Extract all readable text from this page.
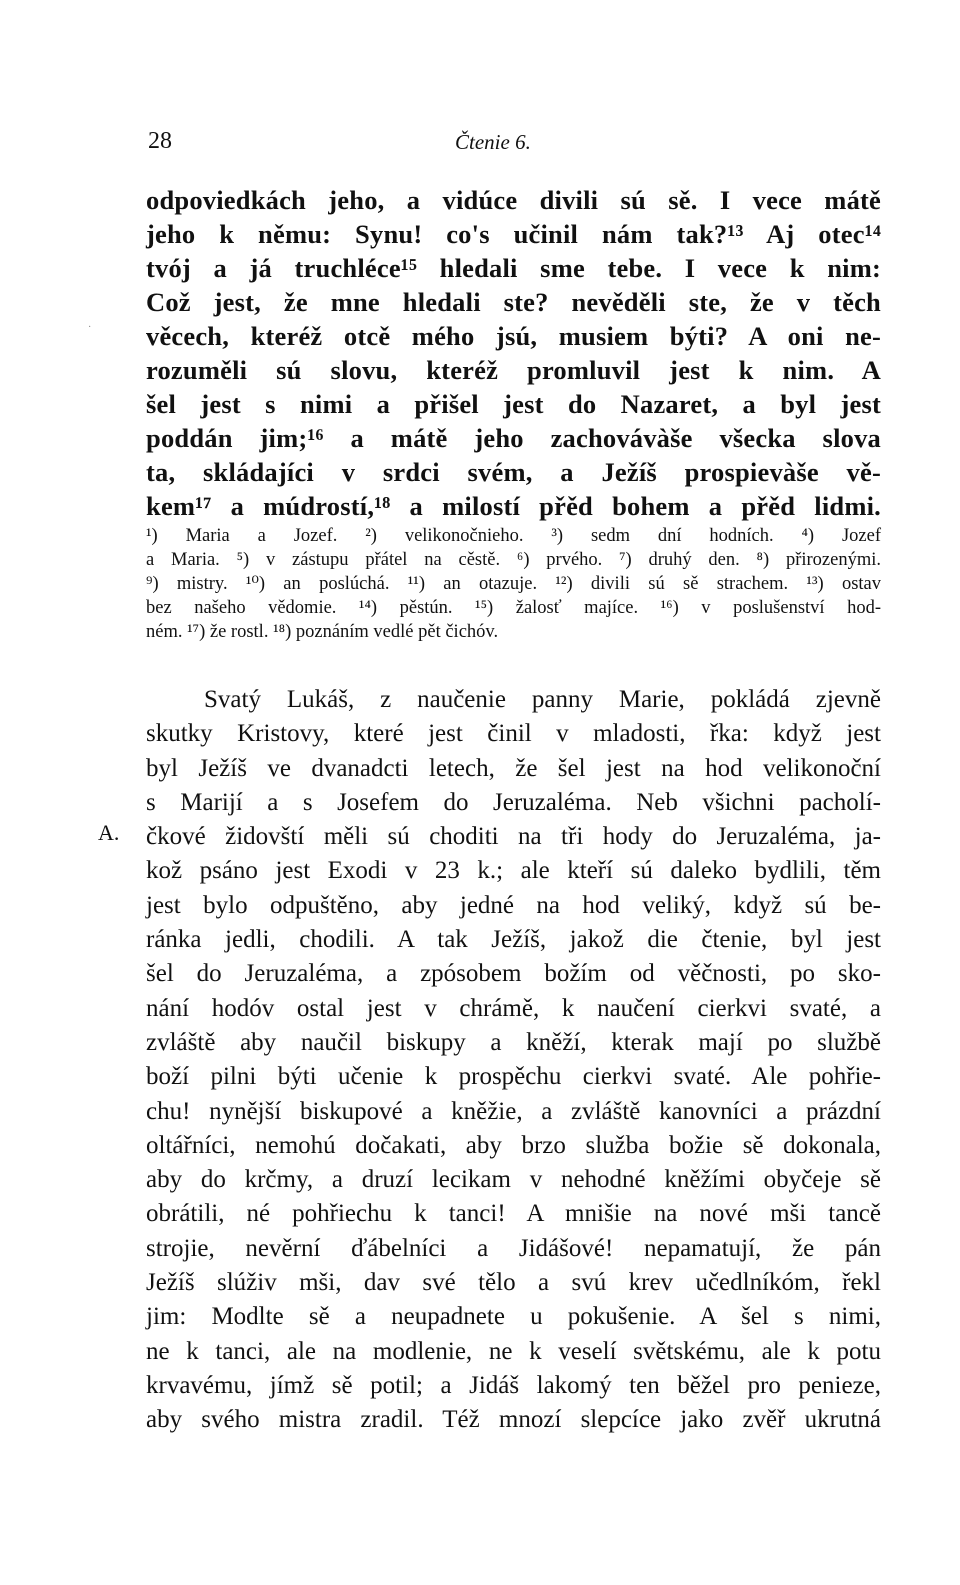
28	Čtenie 6.
·
odpoviedkách jeho, a vidúce divili sú sě. I vece mátě
jeho k němu: Synu! co's učinil nám tak?¹³ Aj otec¹⁴
tvój a já truchléce¹⁵ hledali sme tebe. I vece k nim:
Což jest, že mne hledali ste? nevěděli ste, že v těch
věcech, kteréž otcě mého jsú, musiem býti? A oni ne-
rozuměli sú slovu, kteréž promluvil jest k nim. A
šel jest s nimi a přišel jest do Nazaret, a byl jest
poddán jim;¹⁶ a mátě jeho zachovávàše všecka slova
ta, skládajíci v srdci svém, a Ježíš prospievàše vě-
kem¹⁷ a múdrostí,¹⁸ a milostí přěd bohem a přěd lidmi.
¹) Maria a Jozef. ²) velikonočnieho. ³) sedm dní hodních. ⁴) Jozef
a Maria. ⁵) v zástupu přátel na cěstě. ⁶) prvého. ⁷) druhý den. ⁸) přirozenými.
⁹) mistry. ¹⁰) an poslúchá. ¹¹) an otazuje. ¹²) divili sú sě strachem. ¹³) ostav
bez našeho vědomie. ¹⁴) pěstún. ¹⁵) žalosť majíce. ¹⁶) v poslušenství hod-
ném. ¹⁷) že rostl. ¹⁸) poznáním vedlé pět čichóv.
A.
Svatý Lukáš, z naučenie panny Marie, pokládá zjevně
skutky Kristovy, které jest činil v mladosti, řka: když jest
byl Ježíš ve dvanadcti letech, že šel jest na hod velikonoční
s Marijí a s Josefem do Jeruzaléma. Neb všichni pacholí-
čkové židovští měli sú choditi na tři hody do Jeruzaléma, ja-
kož psáno jest Exodi v 23 k.; ale kteří sú daleko bydlili, těm
jest bylo odpuštěno, aby jedné na hod veliký, když sú be-
ránka jedli, chodili. A tak Ježíš, jakož die čtenie, byl jest
šel do Jeruzaléma, a zpósobem božím od věčnosti, po sko-
nání hodóv ostal jest v chrámě, k naučení cierkvi svaté, a
zvláště aby naučil biskupy a kněží, kterak mají po službě
boží pilni býti učenie k prospěchu cierkvi svaté. Ale pohřie-
chu! nynější biskupové a kněžie, a zvláště kanovníci a prázdní
oltářníci, nemohú dočakati, aby brzo služba božie sě dokonala,
aby do krčmy, a druzí lecikam v nehodné kněžími obyčeje sě
obrátili, né pohřiechu k tanci! A mnišie na nové mši tancě
strojie, nevěrní ďábelníci a Jidášové! nepamatují, že pán
Ježíš slúživ mši, dav své tělo a svú krev učedlníkóm, řekl
jim: Modlte sě a neupadnete u pokušenie. A šel s nimi,
ne k tanci, ale na modlenie, ne k veselí světskému, ale k potu
krvavému, jímž sě potil; a Jidáš lakomý ten běžel pro penieze,
aby svého mistra zradil. Též mnozí slepcíce jako zvěř ukrutná
